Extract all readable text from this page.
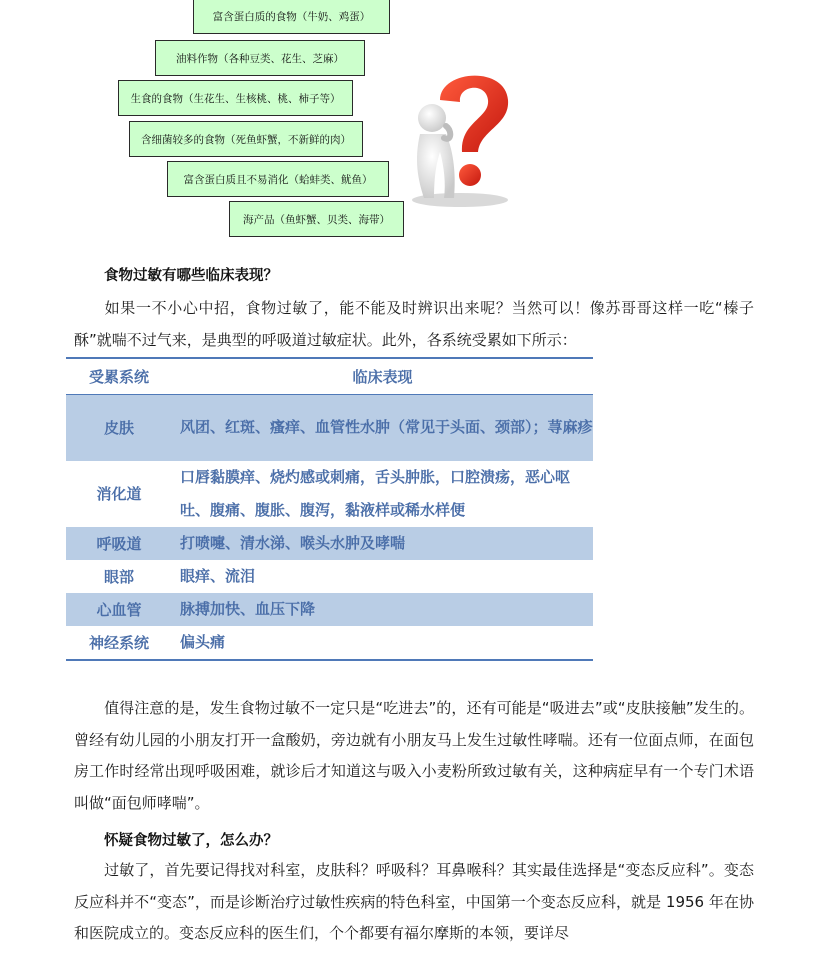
富含蛋白质的食物（牛奶、鸡蛋）
油料作物（各种豆类、花生、芝麻）
生食的食物（生花生、生核桃、桃、柿子等）
含细菌较多的食物（死鱼虾蟹，不新鲜的肉）
富含蛋白质且不易消化（蛤蚌类、鱿鱼）
海产品（鱼虾蟹、贝类、海带）
食物过敏有哪些临床表现？

如果一不小心中招，食物过敏了，能不能及时辨识出来呢？当然可以！像苏哥哥这样一吃“榛子酥”就喘不过气来，是典型的呼吸道过敏症状。此外，各系统受累如下所示：

受累系统	临床表现
皮肤	风团、红斑、瘙痒、血管性水肿（常见于头面、颈部）；荨麻疹
消化道	口唇黏膜痒、烧灼感或刺痛，舌头肿胀，口腔溃疡，恶心呕吐、腹痛、腹胀、腹泻，黏液样或稀水样便
呼吸道	打喷嚏、清水涕、喉头水肿及哮喘
眼部	眼痒、流泪
心血管	脉搏加快、血压下降
神经系统	偏头痛

值得注意的是，发生食物过敏不一定只是“吃进去”的，还有可能是“吸进去”或“皮肤接触”发生的。曾经有幼儿园的小朋友打开一盒酸奶，旁边就有小朋友马上发生过敏性哮喘。还有一位面点师，在面包房工作时经常出现呼吸困难，就诊后才知道这与吸入小麦粉所致过敏有关，这种病症早有一个专门术语叫做“面包师哮喘”。

怀疑食物过敏了，怎么办？

过敏了，首先要记得找对科室，皮肤科？呼吸科？耳鼻喉科？其实最佳选择是“变态反应科”。变态反应科并不“变态”，而是诊断治疗过敏性疾病的特色科室，中国第一个变态反应科，就是 1956 年在协和医院成立的。变态反应科的医生们，个个都要有福尔摩斯的本领，要详尽
